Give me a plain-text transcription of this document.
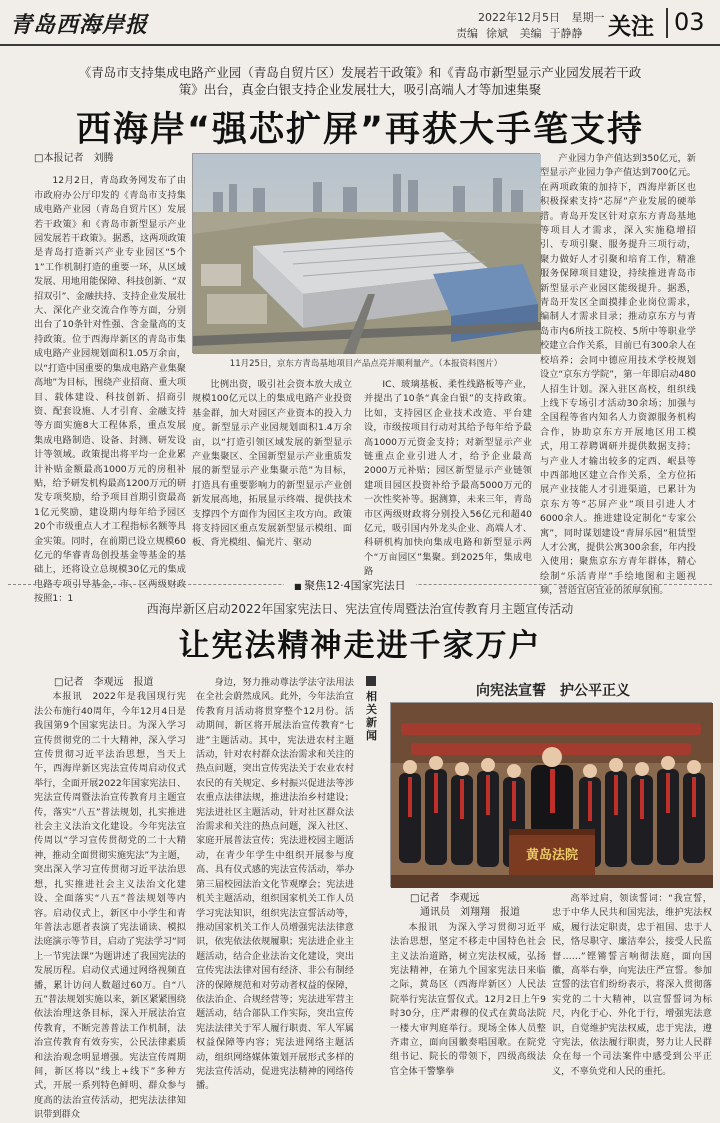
青岛西海岸报	2022年12月5日 星期一
责编 徐斌 美编 于静静	关注 03
《青岛市支持集成电路产业园（青岛自贸片区）发展若干政策》和《青岛市新型显示产业园发展若干政策》出台，真金白银支持企业发展壮大，吸引高端人才等加速集聚
西海岸“强芯扩屏”再获大手笔支持
□本报记者　刘腾

12月2日，青岛政务网发布了由市政府办公厅印发的《青岛市支持集成电路产业园（青岛自贸片区）发展若干政策》和《青岛市新型显示产业园发展若干政策》。据悉，这两项政策是青岛打造新兴产业专业园区“5个1”工作机制打造的重要一环，从区域发展、用地用能保障、科技创新、“双招双引”、金融扶持、支持企业发展壮大、深化产业交流合作等方面，分别出台了10条针对性强、含金量高的支持政策。位于西海岸新区的青岛市集成电路产业园规划面积1.05万余亩，以“打造中国重要的集成电路产业集聚高地”为目标，围绕产业招商、重大项目、载体建设、科技创新、招商引资、配套设施、人才引育、金融支持等方面实施8大工程体系，重点发展集成电路制造、设备、封测、研发设计等领域。政策提出将平均一企业累计补贴金额最高1000万元的房租补贴，给予研发机构最高1200万元的研发专项奖励，给予项目首期引资最高1亿元奖励，建设期内每年给予园区20个市级重点人才工程指标名额等具金实策。同时，在前期已设立规模60亿元的华睿青岛创投基金等基金的基础上，还将设立总规模30亿元的集成电路专项引导基金，市、区两级财政按照1：1

11月25日，京东方青岛基地项目产品点亮并顺利量产。（本报资料图片）

比例出资，吸引社会资本放大成立规模100亿元以上的集成电路产业投资基金群，加大对园区产业资本的投入力度。新型显示产业园规划面积1.4万余亩，以“打造引领区域发展的新型显示产业集聚区、全国新型显示产业重质发展的新型显示产业集聚示范”为目标，打造具有重要影响力的新型显示产业创新发展高地，拓展显示终端、提供技术支撑四个方面作为园区主攻方向。政策将支持园区重点发展新型显示模组、面板、背光模组、偏光片、驱动

IC、玻璃基板、柔性线路板等产业，并提出了10条“真金白银”的支持政策。比如，支持园区企业技术改造、平台建设，市级按项目行动对其给予每年给予最高1000万元资金支持；对新型显示产业链重点企业引进人才，给予企业最高2000万元补贴；园区新型显示产业链领建项目园区投资补给予最高5000万元的一次性奖补等。据测算，未来三年，青岛市区两级财政将分别投入56亿元和超40亿元，吸引国内外龙头企业、高端人才、科研机构加快向集成电路和新型显示两个“万亩园区”集聚。到2025年，集成电路

产业园力争产值达到350亿元，新型显示产业园力争产值达到700亿元。在两项政策的加持下，西海岸新区也积极探索支持“芯屏”产业发展的硬举措。青岛开发区针对京东方青岛基地等项目人才需求，深入实施稳增招引、专项引聚、服务提升三项行动，聚力做好人才引聚和培育工作，精准服务保障项目建设，持续推进青岛市新型显示产业园区能级提升。据悉，青岛开发区全面摸排企业岗位需求，编制人才需求目录；推动京东方与青岛市内6所技工院校、5所中等职业学校建立合作关系，目前已有300余人在校培养；会同中德应用技术学校规划设立“京东方学院”，第一年即启动480人招生计划。深入驻区高校，组织线上线下专场引才活动30余场；加强与全国程等省内知名人力资源服务机构合作，协助京东方开展地区用工模式，用工荐聘调研并提供数据支持；与产业人才输出较多的定西、岷县等中西部地区建立合作关系，全方位拓展产业技能人才引进渠道，已累计为京东方等“芯屏产业”项目引进人才6000余人。推进建设定制化“专家公寓”，同时谋划建设“青屏乐园”租赁型人才公寓，提供公寓300余套，年内投入使用；聚焦京东方青年群体，精心绘制“乐活青岸”手绘地图和主题视频，营造宜居宜业的浓厚氛围。

■ 聚焦12·4国家宪法日
西海岸新区启动2022年国家宪法日、宪法宣传周暨法治宣传教育月主题宣传活动
让宪法精神走进千家万户
□记者　李观远　报道

本报讯　2022年是我国现行宪法公布施行40周年，今年12月4日是我国第9个国家宪法日。为深入学习宣传贯彻党的二十大精神，深入学习宣传贯彻习近平法治思想，当天上午，西海岸新区宪法宣传周启动仪式举行，全面开展2022年国家宪法日、宪法宣传周暨法治宣传教育月主题宣传，落实“八五”普法规划，扎实推进社会主义法治文化建设。今年宪法宣传周以“学习宣传贯彻党的二十大精神，推动全面贯彻实施宪法”为主题，突出深入学习宣传贯彻习近平法治思想，扎实推进社会主义法治文化建设、全面落实“八五”普法规划等内容。启动仪式上，新区中小学生和青年普法志愿者表演了宪法诵读、模拟法庭演示等节目，启动了宪法学习“同上一节宪法课”为题讲述了我国宪法的发展历程。启动仪式通过网络视频直播，累计访问人数超过60万。自“八五”普法规划实施以来，新区紧紧围绕依法治理这条目标，深入开展法治宣传教育，不断完善普法工作机制，法治宣传教育有效夯实，公民法律素质和法治观念明显增强。宪法宣传周期间，新区将以“线上+线下”多种方式，开展一系列特色鲜明、群众参与度高的法治宣传活动，把宪法法律知识带到群众

身边，努力推动尊法学法守法用法在全社会蔚然成风。此外，今年法治宣传教育月活动将贯穿整个12月份。活动期间，新区将开展法治宣传教育“七进”主题活动。其中，宪法进农村主题活动，针对农村群众法治需求和关注的热点问题，突出宣传宪法关于农业农村农民的有关规定、乡村振兴促进法等涉农重点法律法规，推进法治乡村建设；宪法进社区主题活动，针对社区群众法治需求和关注的热点问题，深入社区、家庭开展普法宣传；宪法进校园主题活动，在青少年学生中组织开展参与度高、具有仪式感的宪法宣传活动，举办第三届校园法治文化节观摩会；宪法进机关主题活动，组织国家机关工作人员学习宪法知识，组织宪法宣誓活动等，推动国家机关工作人员增强宪法法律意识，依宪依法依规履职；宪法进企业主题活动，结合企业法治文化建设，突出宣传宪法法律对国有经济、非公有制经济的保障规范和对劳动者权益的保障，依法治企、合规经营等；宪法进军营主题活动，结合部队工作实际，突出宣传宪法法律关于军人履行职责、军人军属权益保障等内容；宪法进网络主题活动，组织网络媒体策划开展形式多样的宪法宣传活动，促进宪法精神的网络传播。

相关新闻
向宪法宣誓　护公平正义
黄岛法院
□记者　李观远
通讯员　刘翔翔　报道

本报讯　为深入学习贯彻习近平法治思想，坚定不移走中国特色社会主义法治道路，树立宪法权威，弘扬宪法精神，在第九个国家宪法日来临之际，黄岛区（西海岸新区）人民法院举行宪法宣誓仪式。12月2日上午9时30分，庄严肃穆的仪式在黄岛法院一楼大审判庭举行。现场全体人员整齐肃立，面向国徽奏唱国歌。在院党组书记、院长的带领下，四级高级法官全体干警擎拳

高举过肩，领读誓词：“我宣誓，忠于中华人民共和国宪法，维护宪法权威，履行法定职责，忠于祖国、忠于人民，恪尽职守、廉洁奉公，接受人民监督……”铿锵誓言响彻法庭，面向国徽，高举右拳，向宪法庄严宣誓。参加宣誓的法官们纷纷表示，将深入贯彻落实党的二十大精神，以宣誓誓词为标尺，内化于心、外化于行，增强宪法意识，自觉维护宪法权威，忠于宪法，遵守宪法，依法履行职责，努力让人民群众在每一个司法案件中感受到公平正义，不辜负党和人民的重托。
